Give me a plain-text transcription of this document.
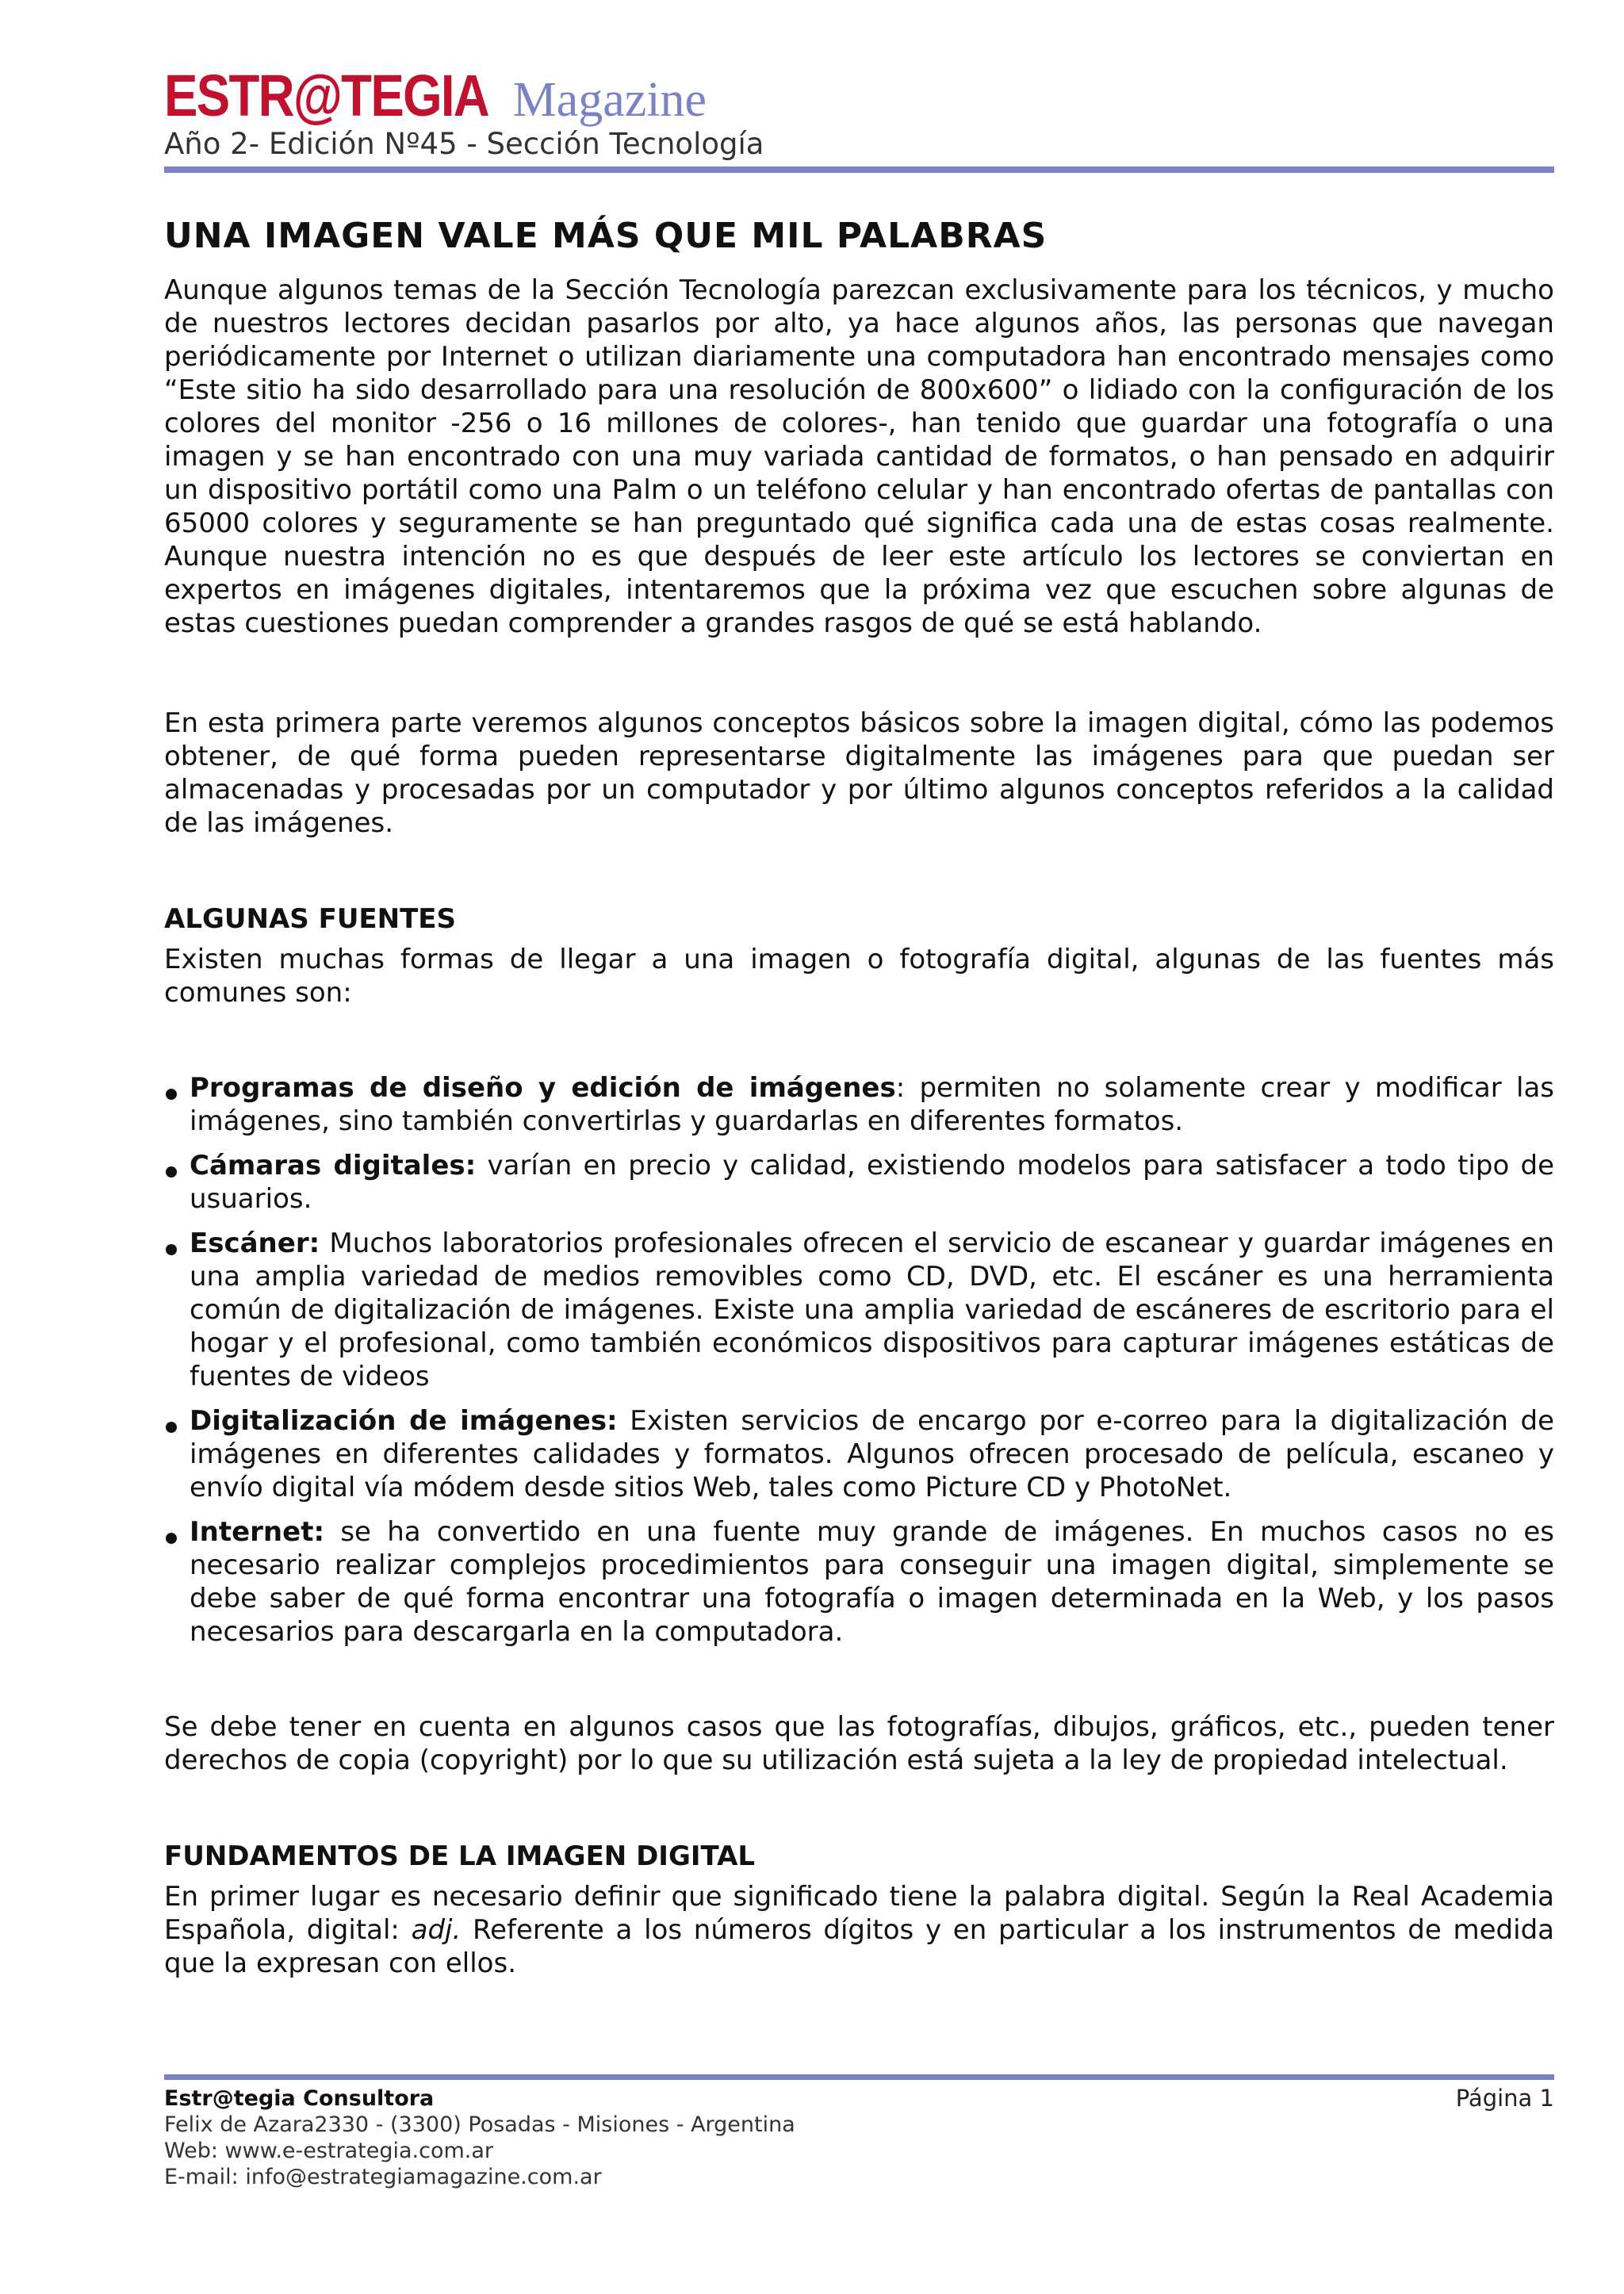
ESTR@TEGIA Magazine
Año 2- Edición Nº45 - Sección Tecnología
UNA IMAGEN VALE MÁS QUE MIL PALABRAS

Aunque algunos temas de la Sección Tecnología parezcan exclusivamente para los técnicos, y mucho de nuestros lectores decidan pasarlos por alto, ya hace algunos años, las personas que navegan periódicamente por Internet o utilizan diariamente una computadora han encontrado mensajes como “Este sitio ha sido desarrollado para una resolución de 800x600” o lidiado con la configuración de los colores del monitor -256 o 16 millones de colores-, han tenido que guardar una fotografía o una imagen y se han encontrado con una muy variada cantidad de formatos, o han pensado en adquirir un dispositivo portátil como una Palm o un teléfono celular y han encontrado ofertas de pantallas con 65000 colores y seguramente se han preguntado qué significa cada una de estas cosas realmente. Aunque nuestra intención no es que después de leer este artículo los lectores se conviertan en expertos en imágenes digitales, intentaremos que la próxima vez que escuchen sobre algunas de estas cuestiones puedan comprender a grandes rasgos de qué se está hablando.

En esta primera parte veremos algunos conceptos básicos sobre la imagen digital, cómo las podemos obtener, de qué forma pueden representarse digitalmente las imágenes para que puedan ser almacenadas y procesadas por un computador y por último algunos conceptos referidos a la calidad de las imágenes.

ALGUNAS FUENTES

Existen muchas formas de llegar a una imagen o fotografía digital, algunas de las fuentes más comunes son:

Programas de diseño y edición de imágenes: permiten no solamente crear y modificar las imágenes, sino también convertirlas y guardarlas en diferentes formatos.
Cámaras digitales: varían en precio y calidad, existiendo modelos para satisfacer a todo tipo de usuarios.
Escáner: Muchos laboratorios profesionales ofrecen el servicio de escanear y guardar imágenes en una amplia variedad de medios removibles como CD, DVD, etc. El escáner es una herramienta común de digitalización de imágenes. Existe una amplia variedad de escáneres de escritorio para el hogar y el profesional, como también económicos dispositivos para capturar imágenes estáticas de fuentes de videos
Digitalización de imágenes: Existen servicios de encargo por e-correo para la digitalización de imágenes en diferentes calidades y formatos. Algunos ofrecen procesado de película, escaneo y envío digital vía módem desde sitios Web, tales como Picture CD y PhotoNet.
Internet: se ha convertido en una fuente muy grande de imágenes. En muchos casos no es necesario realizar complejos procedimientos para conseguir una imagen digital, simplemente se debe saber de qué forma encontrar una fotografía o imagen determinada en la Web, y los pasos necesarios para descargarla en la computadora.

Se debe tener en cuenta en algunos casos que las fotografías, dibujos, gráficos, etc., pueden tener derechos de copia (copyright) por lo que su utilización está sujeta a la ley de propiedad intelectual.

FUNDAMENTOS DE LA IMAGEN DIGITAL

En primer lugar es necesario definir que significado tiene la palabra digital. Según la Real Academia Española, digital: adj. Referente a los números dígitos y en particular a los instrumentos de medida que la expresan con ellos.

Estr@tegia Consultora
Felix de Azara2330 - (3300) Posadas - Misiones - Argentina
Web: www.e-estrategia.com.ar
E-mail: info@estrategiamagazine.com.ar
Página 1
